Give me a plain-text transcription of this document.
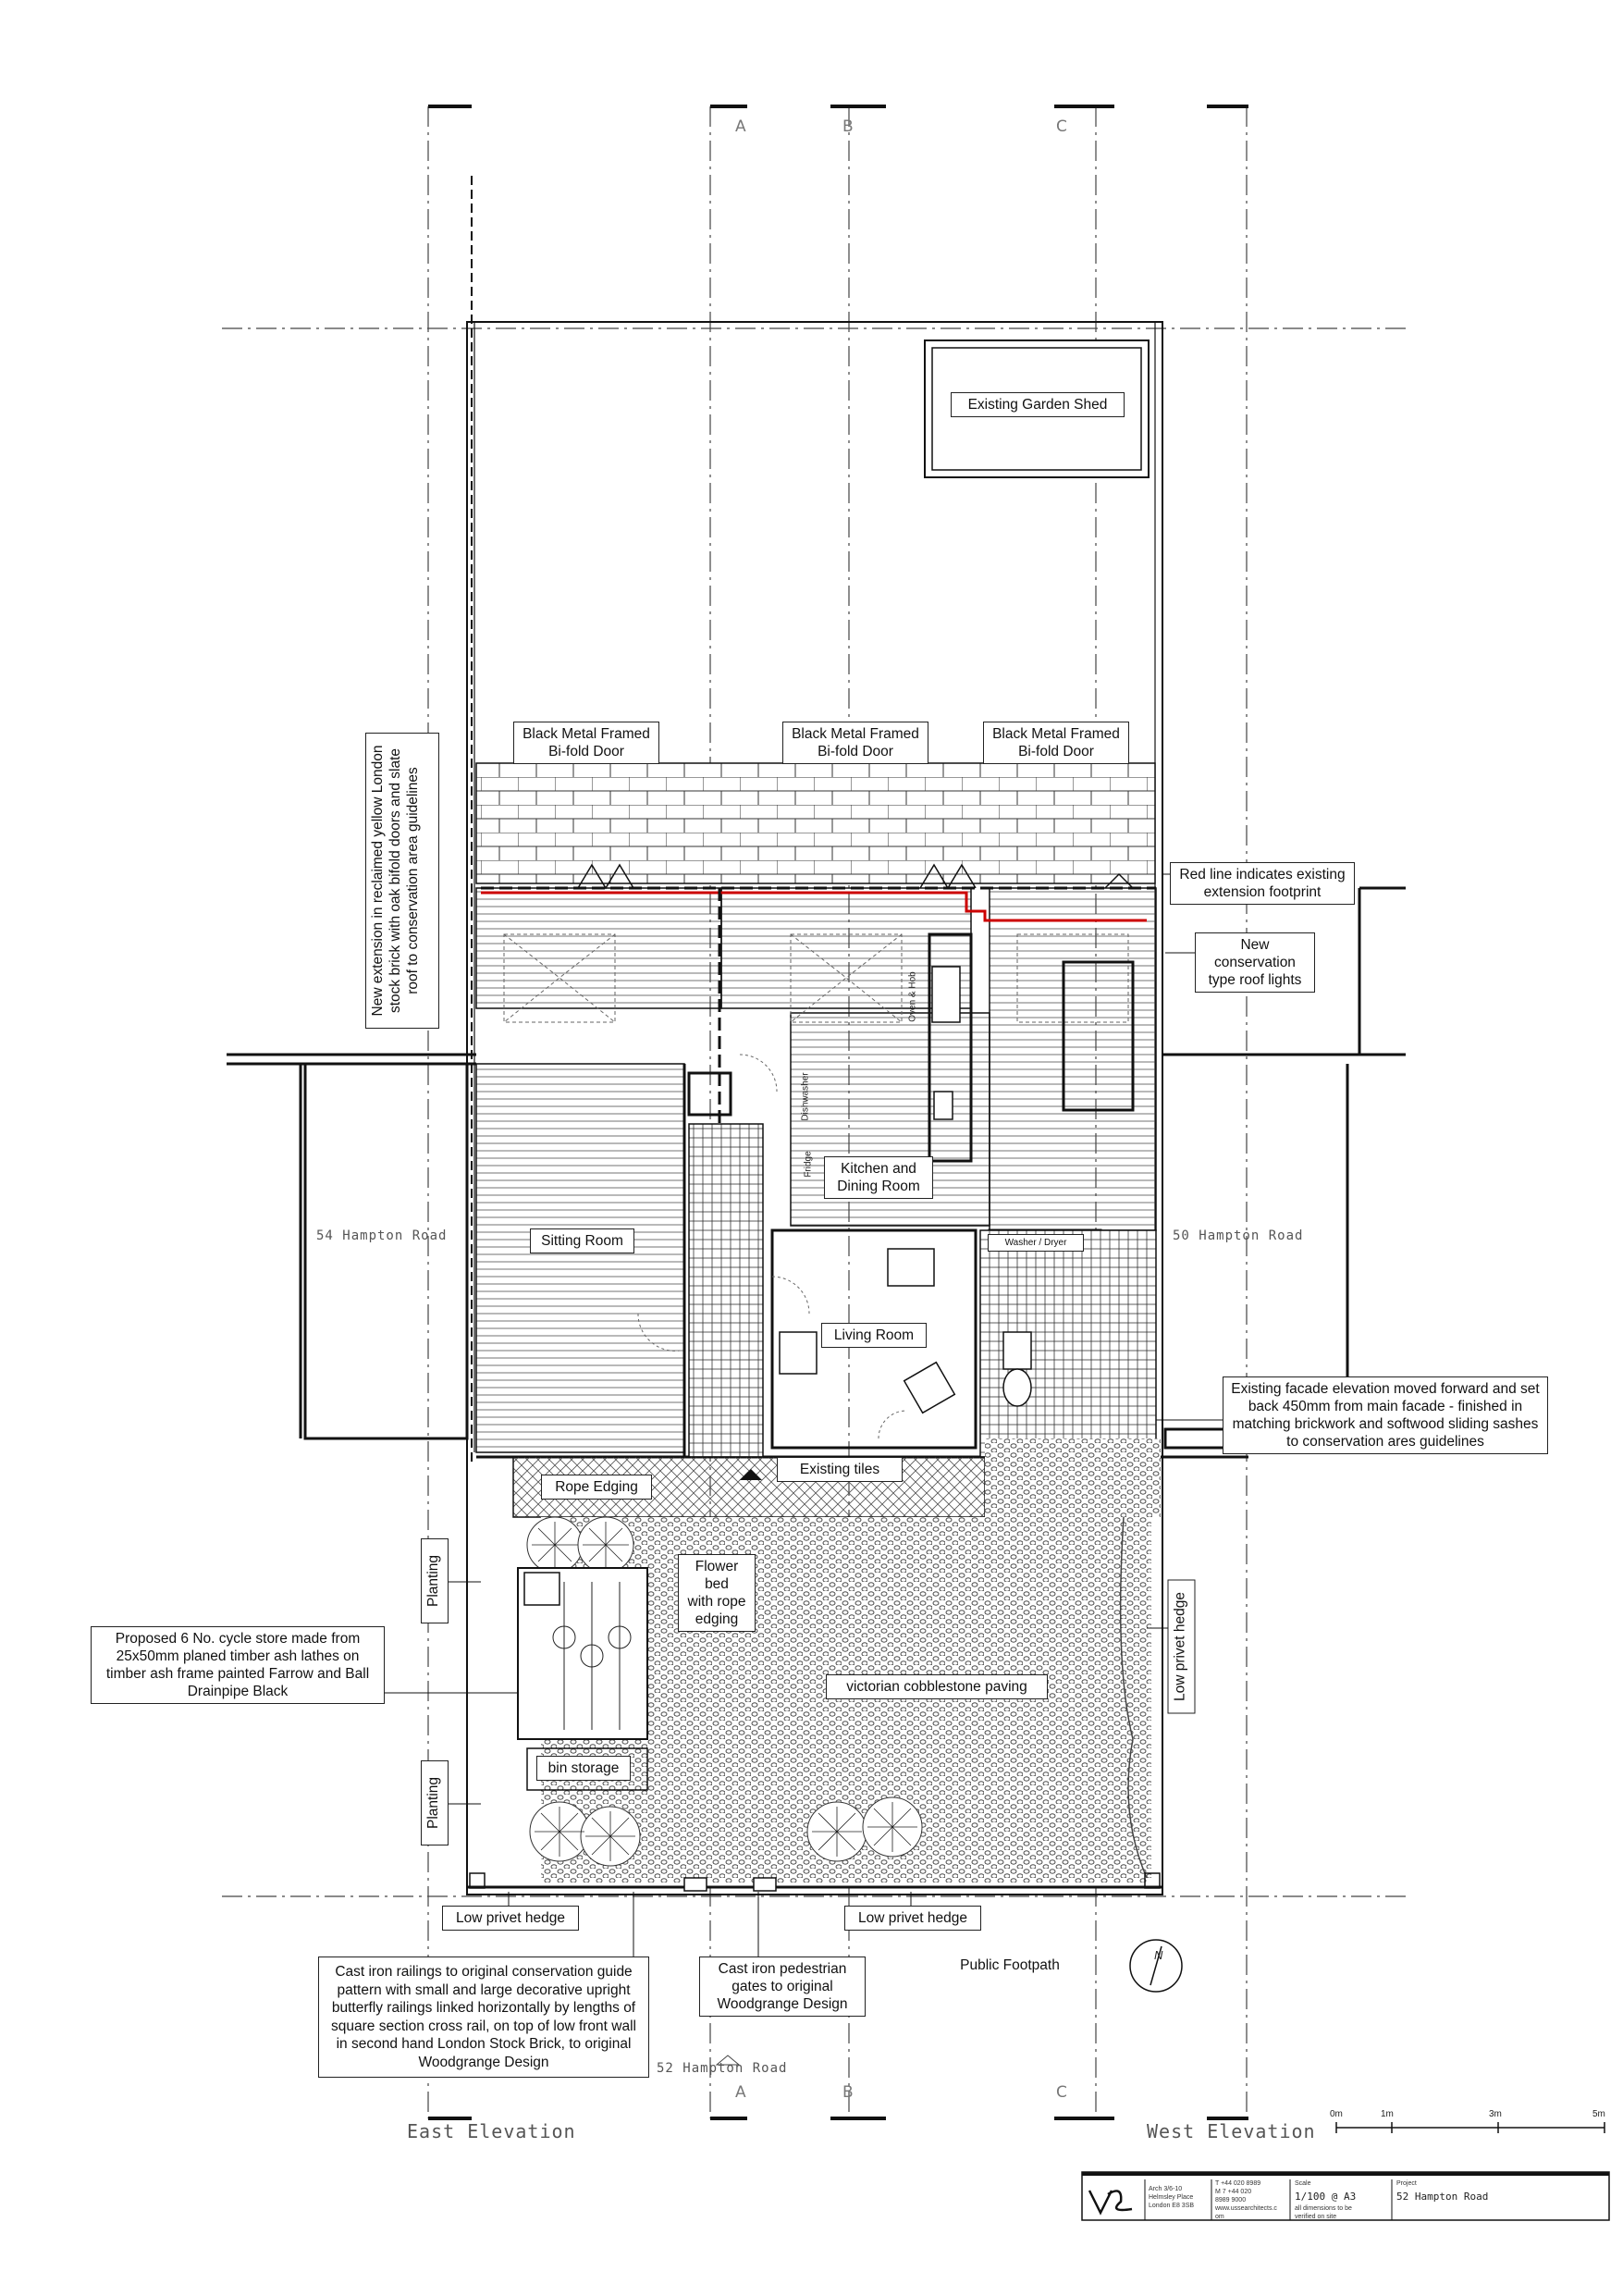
Existing Garden Shed
Black Metal Framed
Bi-fold Door
Black Metal Framed
Bi-fold Door
Black Metal Framed
Bi-fold Door
Red line indicates existing
extension footprint
New
conservation
type roof lights
New extension in reclaimed yellow London stock brick with oak bifold doors and slate roof to conservation area guidelines
Oven & Hob
Dishwasher
Fridge	Kitchen and
Dining Room
Sitting Room
Living Room
Washer / Dryer
54 Hampton Road	50 Hampton Road
52 Hampton Road
Existing facade elevation moved forward and set back 450mm from main facade - finished in matching brickwork and softwood sliding sashes to conservation ares guidelines
Existing tiles
Rope Edging
Flower bed
with rope
edging
Planting
Planting
Proposed 6 No. cycle store made from 25x50mm planed timber ash lathes on timber ash frame painted Farrow and Ball Drainpipe Black	victorian cobblestone paving
bin storage
Low privet hedge
Low privet hedge	Low privet hedge
Cast iron railings to original conservation guide pattern with small and large decorative upright butterfly railings linked horizontally by lengths of square section cross rail, on top of low front wall in second hand London Stock Brick, to original Woodgrange Design
Cast iron pedestrian
gates to original
Woodgrange Design
Public Footpath
East Elevation	West Elevation
A	B	C
A	B	C
N
0m	1m	3m	5m
Arch 3/6-10
Helmsley Place
London E8 3SB
T +44 020 8989
M 7 +44 020
8989 9000
www.ussearchitects.c
om
Scale
1/100 @ A3
all dimensions to be
verified on site
Project
52 Hampton Road
